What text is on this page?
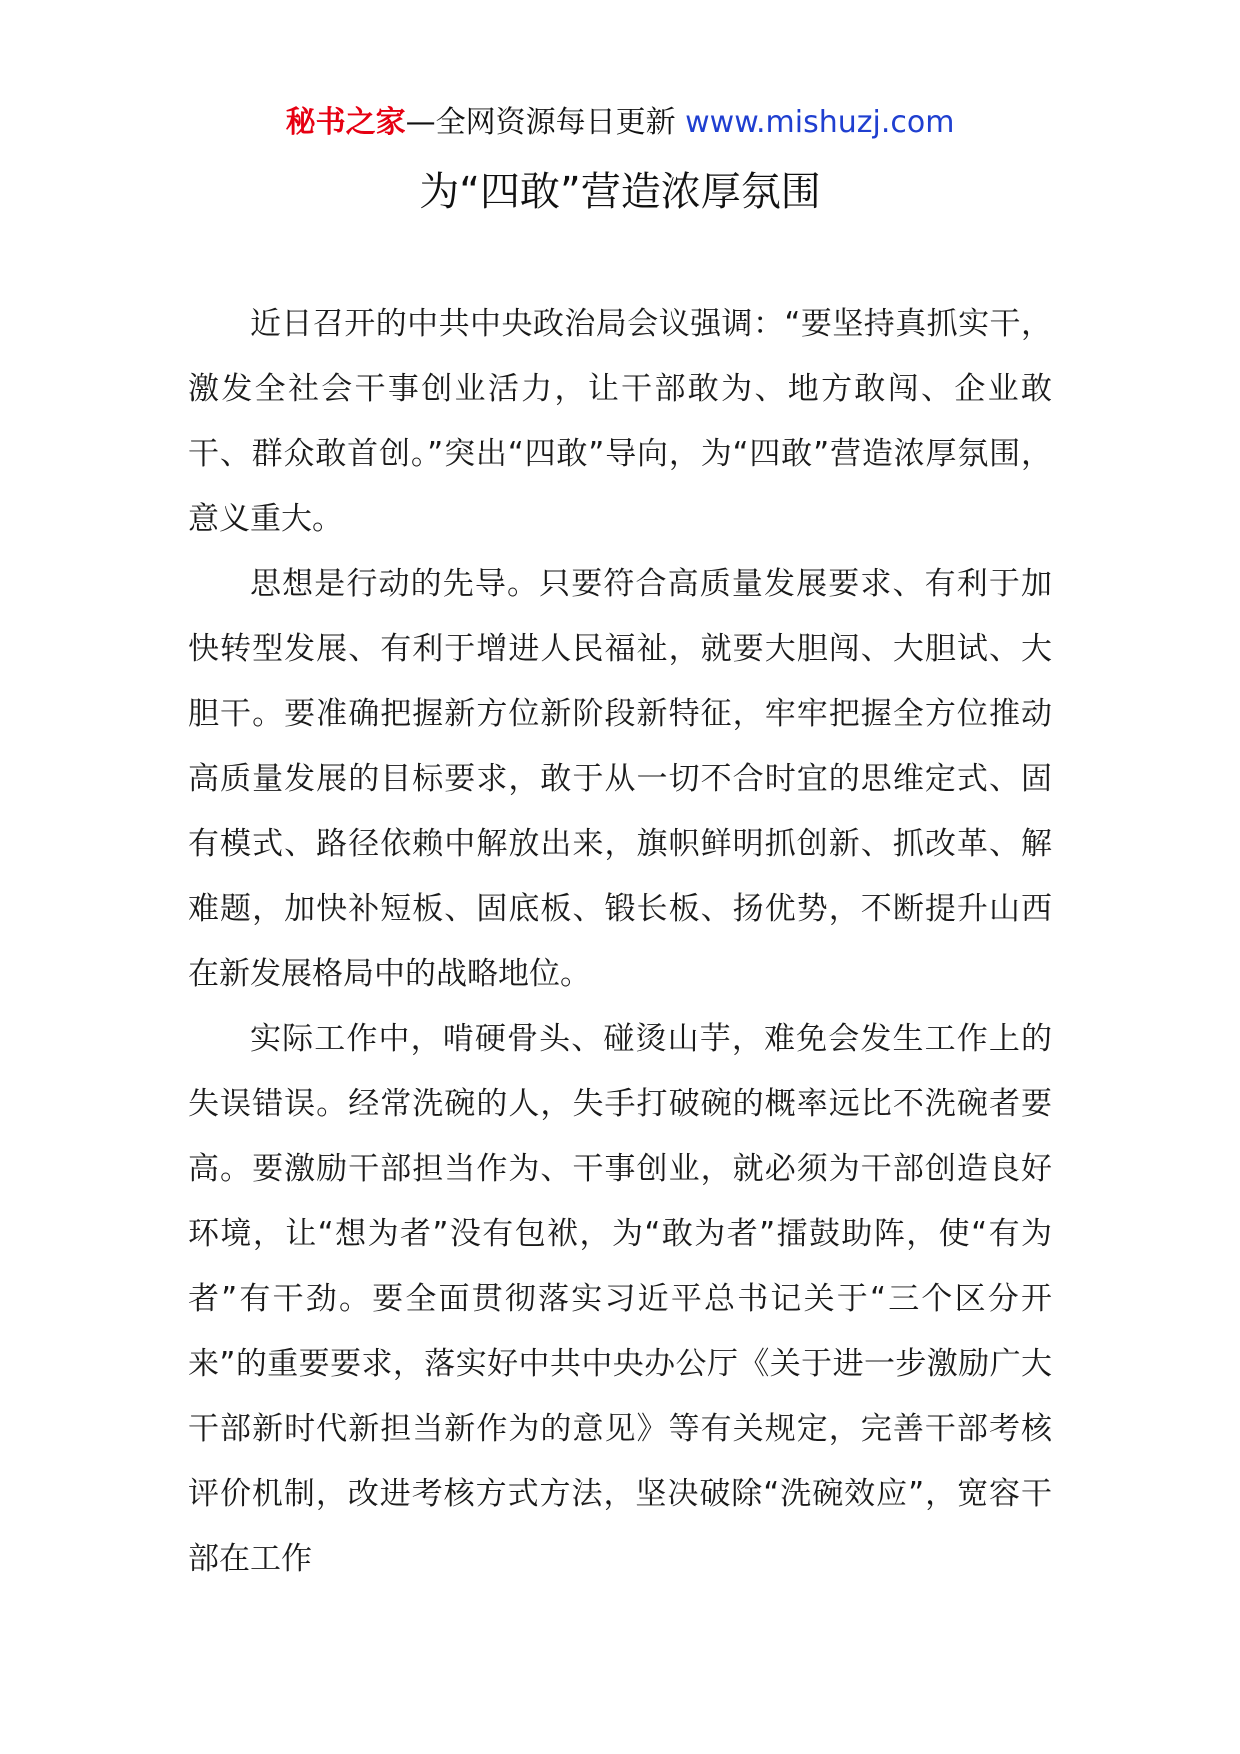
秘书之家—全网资源每日更新 www.mishuzj.com
为“四敢”营造浓厚氛围

近日召开的中共中央政治局会议强调：“要坚持真抓实干，激发全社会干事创业活力，让干部敢为、地方敢闯、企业敢干、群众敢首创。”突出“四敢”导向，为“四敢”营造浓厚氛围，意义重大。

思想是行动的先导。只要符合高质量发展要求、有利于加快转型发展、有利于增进人民福祉，就要大胆闯、大胆试、大胆干。要准确把握新方位新阶段新特征，牢牢把握全方位推动高质量发展的目标要求，敢于从一切不合时宜的思维定式、固有模式、路径依赖中解放出来，旗帜鲜明抓创新、抓改革、解难题，加快补短板、固底板、锻长板、扬优势，不断提升山西在新发展格局中的战略地位。

实际工作中，啃硬骨头、碰烫山芋，难免会发生工作上的失误错误。经常洗碗的人，失手打破碗的概率远比不洗碗者要高。要激励干部担当作为、干事创业，就必须为干部创造良好环境，让“想为者”没有包袱，为“敢为者”擂鼓助阵，使“有为者”有干劲。要全面贯彻落实习近平总书记关于“三个区分开来”的重要要求，落实好中共中央办公厅《关于进一步激励广大干部新时代新担当新作为的意见》等有关规定，完善干部考核评价机制，改进考核方式方法，坚决破除“洗碗效应”，宽容干部在工作
